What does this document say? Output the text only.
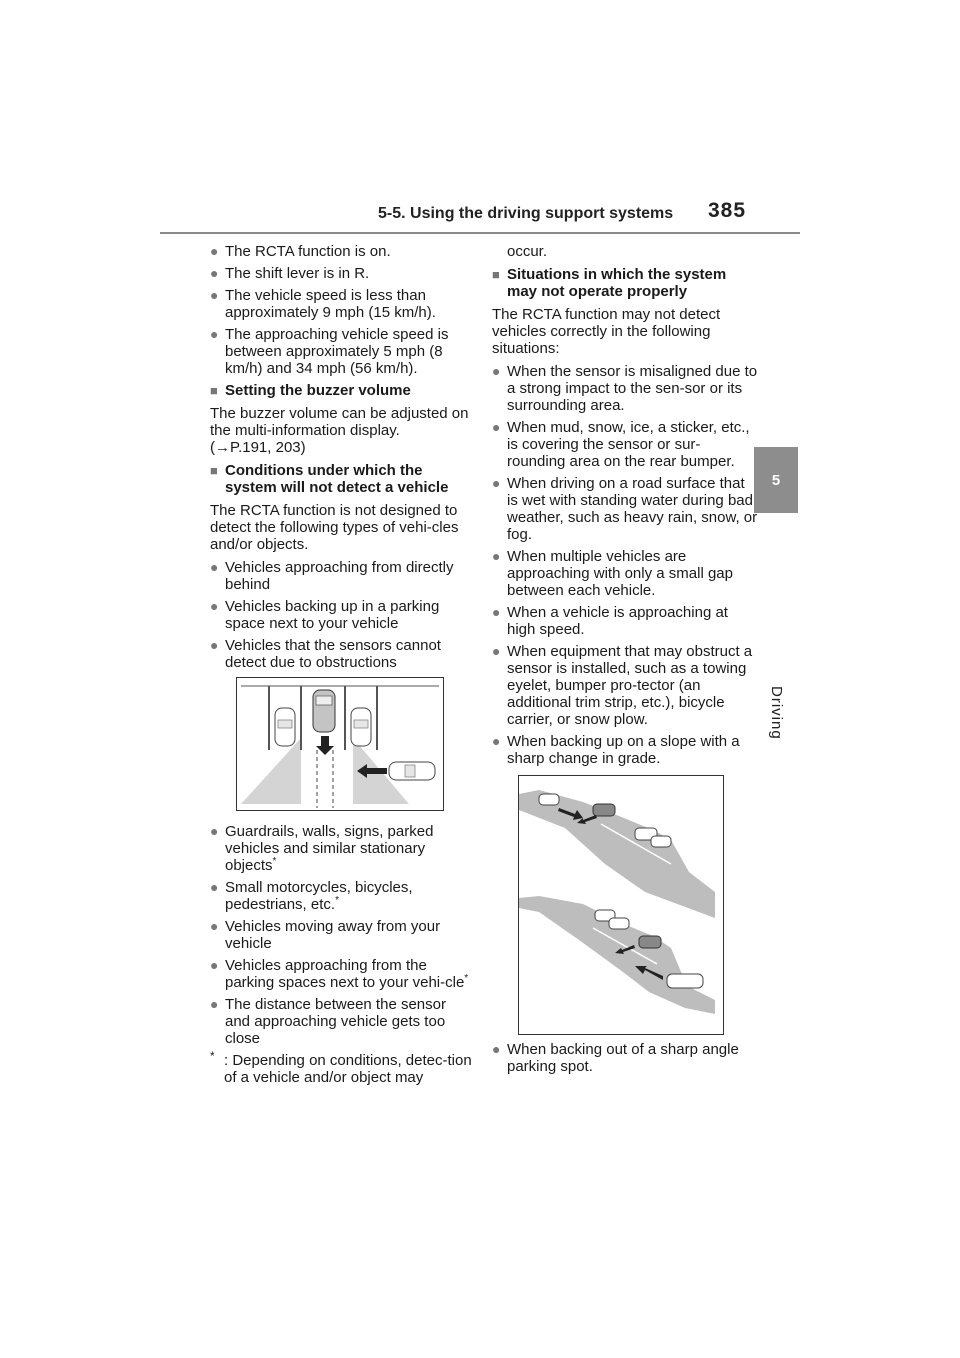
5-5. Using the driving support systems 385
5
Driving
● The RCTA function is on.
● The shift lever is in R.
● The vehicle speed is less than approximately 9 mph (15 km/h).
● The approaching vehicle speed is between approximately 5 mph (8 km/h) and 34 mph (56 km/h).
■ Setting the buzzer volume
The buzzer volume can be adjusted on the multi-information display.
(→P.191, 203)
■ Conditions under which the system will not detect a vehicle
The RCTA function is not designed to detect the following types of vehi-cles and/or objects.
● Vehicles approaching from directly behind
● Vehicles backing up in a parking space next to your vehicle
● Vehicles that the sensors cannot detect due to obstructions
● Guardrails, walls, signs, parked vehicles and similar stationary objects*
● Small motorcycles, bicycles, pedestrians, etc.*
● Vehicles moving away from your vehicle
● Vehicles approaching from the parking spaces next to your vehi-cle*
● The distance between the sensor and approaching vehicle gets too close
* : Depending on conditions, detec-tion of a vehicle and/or object may
occur.
■ Situations in which the system may not operate properly
The RCTA function may not detect vehicles correctly in the following situations:
● When the sensor is misaligned due to a strong impact to the sen-sor or its surrounding area.
● When mud, snow, ice, a sticker, etc., is covering the sensor or sur-rounding area on the rear bumper.
● When driving on a road surface that is wet with standing water during bad weather, such as heavy rain, snow, or fog.
● When multiple vehicles are approaching with only a small gap between each vehicle.
● When a vehicle is approaching at high speed.
● When equipment that may obstruct a sensor is installed, such as a towing eyelet, bumper pro-tector (an additional trim strip, etc.), bicycle carrier, or snow plow.
● When backing up on a slope with a sharp change in grade.
● When backing out of a sharp angle parking spot.
